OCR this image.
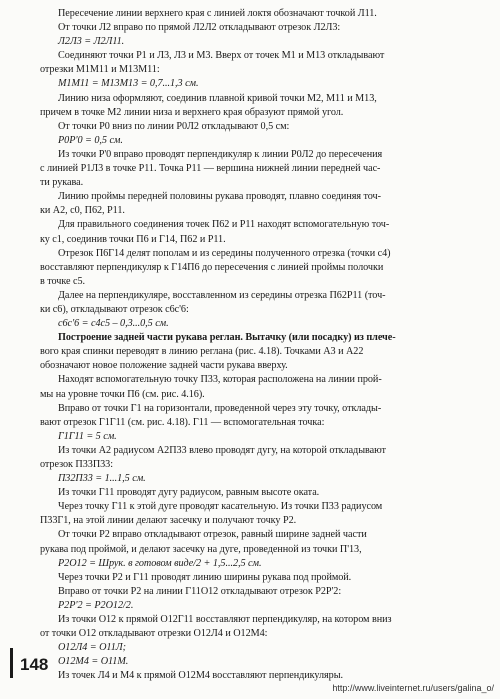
Пересечение линии верхнего края с линией локтя обозначают точкой Л11.
От точки Л2 вправо по прямой Л2Л2 откладывают отрезок Л2Л3:
Л2Л3 = Л2Л11.
Соединяют точки Р1 и Л3, Л3 и М3. Вверх от точек М1 и М13 откладывают
отрезки М1М11 и М13М11:
М1М11 = М13М13 = 0,7...1,3 см.
Линию низа оформляют, соединив плавной кривой точки М2, М11 и М13,
причем в точке М2 линии низа и верхнего края образуют прямой угол.
От точки Р0 вниз по линии Р0Л2 откладывают 0,5 см:
Р0Р'0 = 0,5 см.
Из точки Р'0 вправо проводят перпендикуляр к линии Р0Л2 до пересечения
с линией Р1Л3 в точке Р11. Точка Р11 — вершина нижней линии передней час-
ти рукава.
Линию проймы передней половины рукава проводят, плавно соединяя точ-
ки А2, с0, П62, Р11.
Для правильного соединения точек П62 и Р11 находят вспомогательную точ-
ку с1, соединив точки П6 и Г14, П62 и Р11.
Отрезок П6Г14 делят пополам и из середины полученного отрезка (точки с4)
восставляют перпендикуляр к Г14П6 до пересечения с линией проймы полочки
в точке с5.
Далее на перпендикуляре, восставленном из середины отрезка П62Р11 (точ-
ки с6), откладывают отрезок с6с'6:
с6с'6 = с4с5 – 0,3...0,5 см.
Построение задней части рукава реглан. Вытачку (или посадку) из плече-
вого края спинки переводят в линию реглана (рис. 4.18). Точками А3 и А22
обозначают новое положение задней части рукава вверху.
Находят вспомогательную точку П33, которая расположена на линии прой-
мы на уровне точки П6 (см. рис. 4.16).
Вправо от точки Г1 на горизонтали, проведенной через эту точку, отклады-
вают отрезок Г1Г11 (см. рис. 4.18). Г11 — вспомогательная точка:
Г1Г11 = 5 см.
Из точки А2 радиусом А2П33 влево проводят дугу, на которой откладывают
отрезок П33П33:
П32П33 = 1...1,5 см.
Из точки Г11 проводят дугу радиусом, равным высоте оката.
Через точку Г11 к этой дуге проводят касательную. Из точки П33 радиусом
П33Г1, на этой линии делают засечку и получают точку Р2.
От точки Р2 вправо откладывают отрезок, равный ширине задней части
рукава под проймой, и делают засечку на дуге, проведенной из точки П'13,
Р2О12 = Шрук. в готовом виде/2 + 1,5...2,5 см.
Через точки Р2 и Г11 проводят линию ширины рукава под проймой.
Вправо от точки Р2 на линии Г11О12 откладывают отрезок Р2Р'2:
Р2Р'2 = Р2О12/2.
Из точки О12 к прямой О12Г11 восставляют перпендикуляр, на котором вниз
от точки О12 откладывают отрезки О12Л4 и О12М4:
О12Л4 = О11Л;
О12М4 = О11М.
Из точек Л4 и М4 к прямой О12М4 восставляют перпендикуляры.
148
http://www.liveinternet.ru/users/galina_o/
